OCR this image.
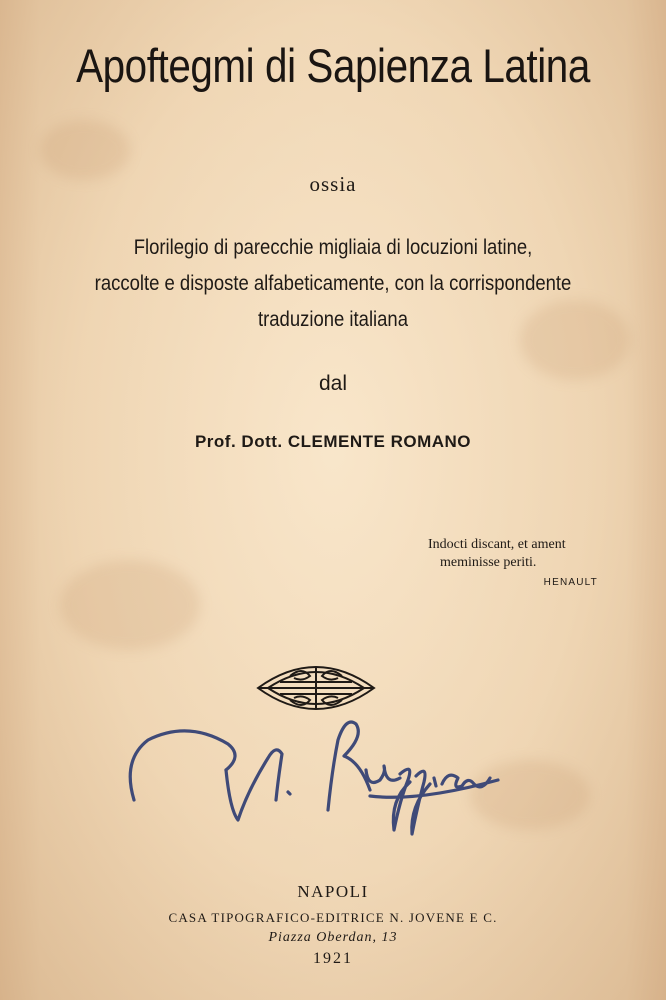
Apoftegmi di Sapienza Latina
ossia
Florilegio di parecchie migliaia di locuzioni latine,
raccolte e disposte alfabeticamente, con la corrispondente
traduzione italiana
dal
Prof. Dott. CLEMENTE ROMANO
Indocti discant, et ament
meminisse periti.
HENAULT
NAPOLI
CASA TIPOGRAFICO-EDITRICE N. JOVENE E C.
Piazza Oberdan, 13
1921
